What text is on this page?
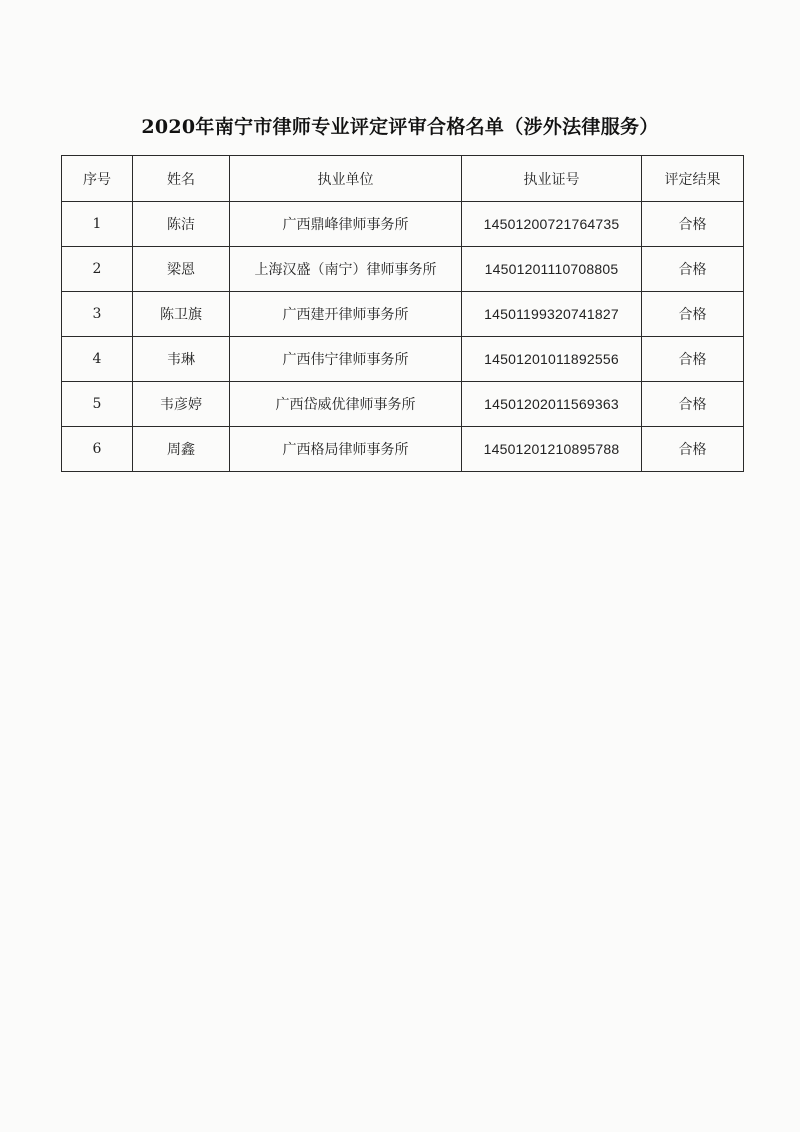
2020年南宁市律师专业评定评审合格名单（涉外法律服务）
序号	姓名	执业单位	执业证号	评定结果
1	陈洁	广西鼎峰律师事务所	14501200721764735	合格
2	梁恩	上海汉盛（南宁）律师事务所	14501201110708805	合格
3	陈卫旗	广西建开律师事务所	14501199320741827	合格
4	韦琳	广西伟宁律师事务所	14501201011892556	合格
5	韦彦婷	广西岱威优律师事务所	14501202011569363	合格
6	周鑫	广西格局律师事务所	14501201210895788	合格
